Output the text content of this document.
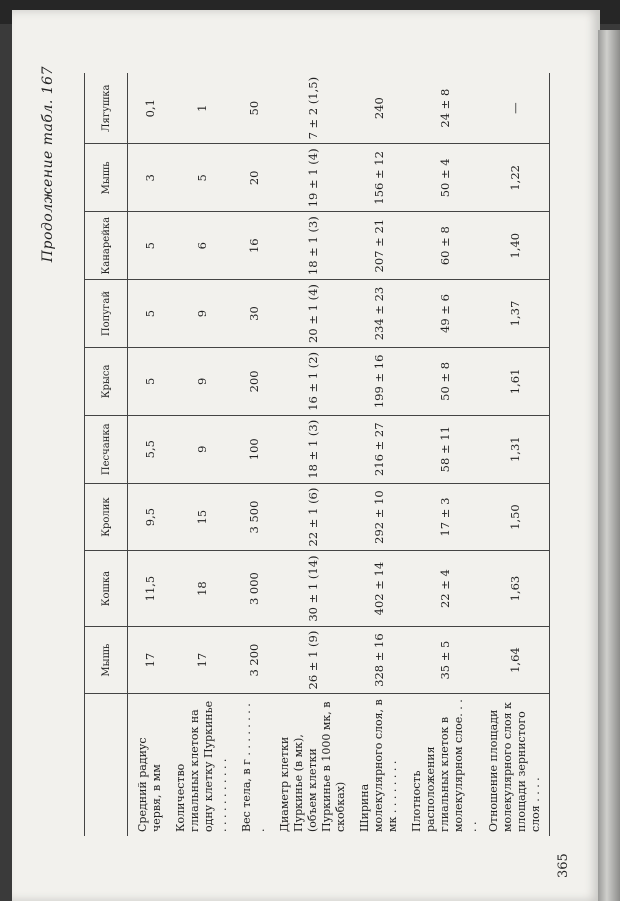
Продолжение табл. 167
	Мышь	Кошка	Кролик	Песчанка	Крыса	Попугай	Канарейка	Мышь	Лягушка
Средний радиус червя, в мм	17	11,5	9,5	5,5	5	5	5	3	0,1
Количество глиальных клеток на одну клетку Пуркинье . . . . . . . . . . .	17	18	15	9	9	9	6	5	1
Вес тела, в г . . . . . . . . .	3 200	3 000	3 500	100	200	30	16	20	50
Диаметр клетки Пуркинье (в мк), (объем клетки Пуркинье в 1000 мк, в скобках)	26 ± 1 (9)	30 ± 1 (14)	22 ± 1 (6)	18 ± 1 (3)	16 ± 1 (2)	20 ± 1 (4)	18 ± 1 (3)	19 ± 1 (4)	7 ± 2 (1,5)
Ширина молекулярного слоя, в мк . . . . . . . .	328 ± 16	402 ± 14	292 ± 10	216 ± 27	199 ± 16	234 ± 23	207 ± 21	156 ± 12	240
Плотность расположения глиальных клеток в молекулярном слое. . . . .	35 ± 5	22 ± 4	17 ± 3	58 ± 11	50 ± 8	49 ± 6	60 ± 8	50 ± 4	24 ± 8
Отношение площади молекулярного слоя к площади зернистого слоя . . . .	1,64	1,63	1,50	1,31	1,61	1,37	1,40	1,22	—
365
